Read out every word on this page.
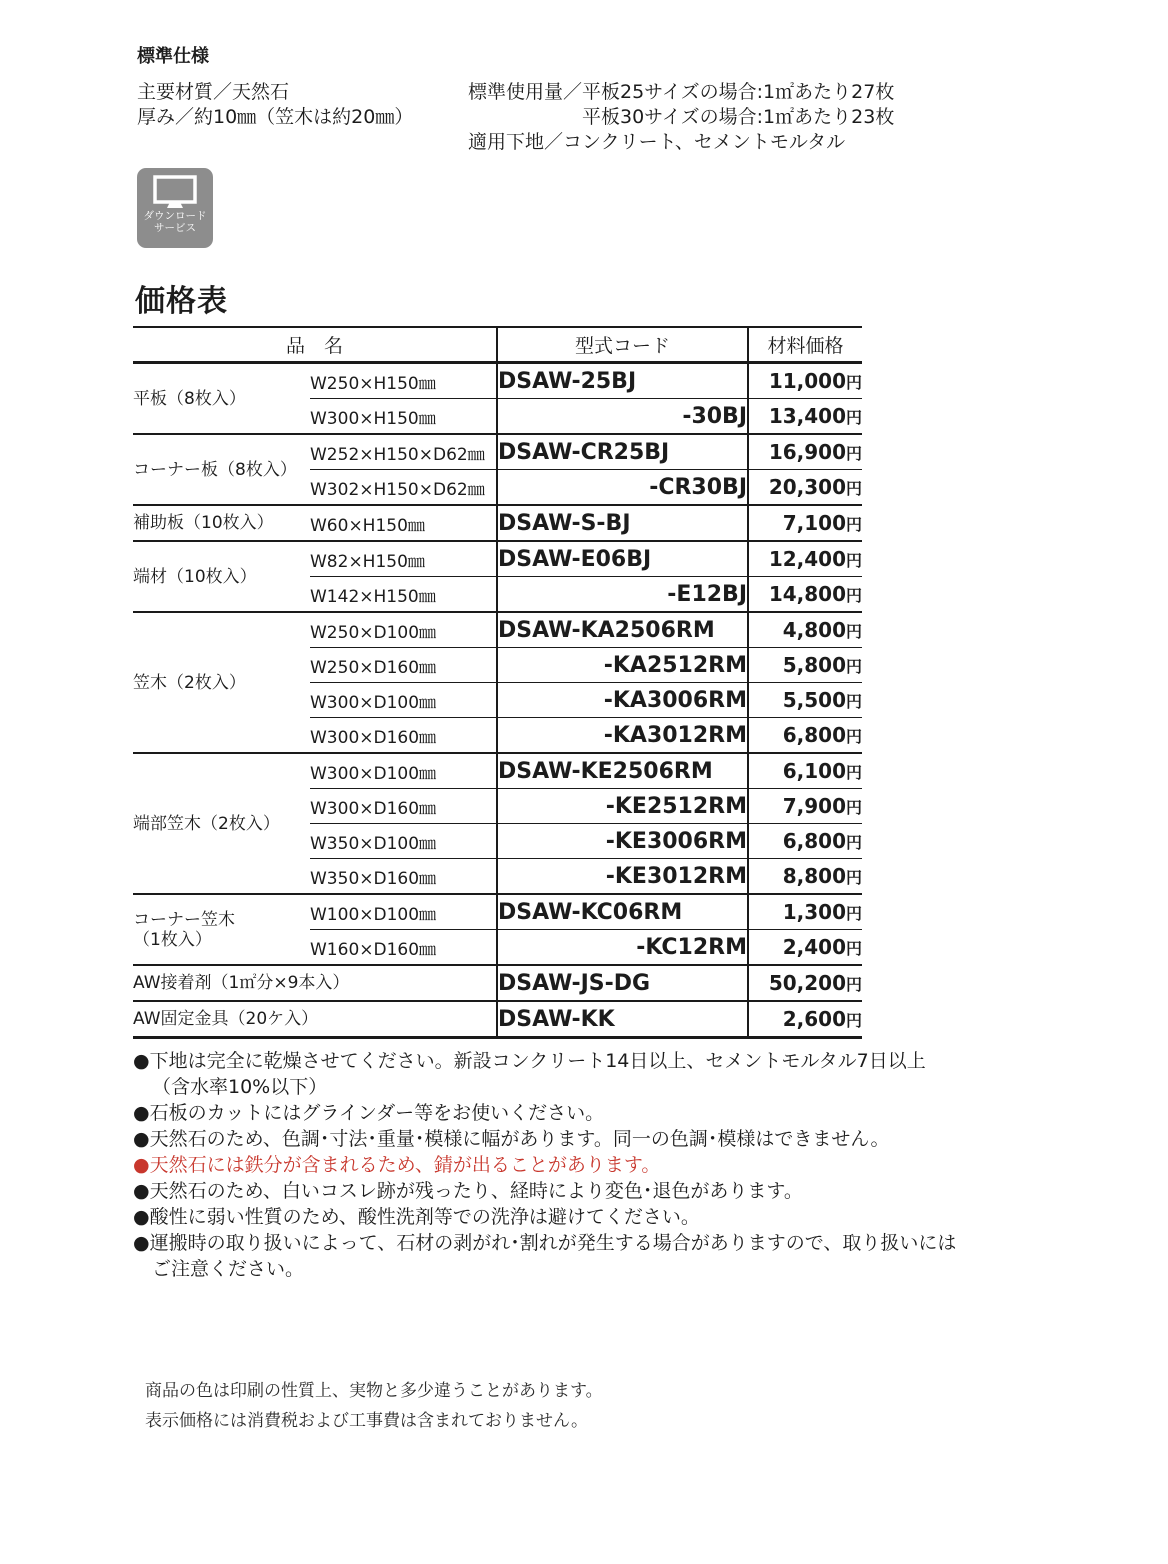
標準仕様
主要材質／天然石
厚み／約10㎜（笠木は約20㎜）
標準使用量／平板25サイズの場合:1㎡あたり27枚
平板30サイズの場合:1㎡あたり23枚
適用下地／コンクリート、セメントモルタル
ダウンロード
サービス
価格表
品　名		型式コード	材料価格
平板（8枚入）	W250×H150㎜	DSAW-25BJ	11,000円
	W300×H150㎜	-30BJ	13,400円
コーナー板（8枚入）	W252×H150×D62㎜	DSAW-CR25BJ	16,900円
	W302×H150×D62㎜	-CR30BJ	20,300円
補助板（10枚入）	W60×H150㎜	DSAW-S-BJ	7,100円
端材（10枚入）	W82×H150㎜	DSAW-E06BJ	12,400円
	W142×H150㎜	-E12BJ	14,800円
笠木（2枚入）	W250×D100㎜	DSAW-KA2506RM	4,800円
	W250×D160㎜	-KA2512RM	5,800円
	W300×D100㎜	-KA3006RM	5,500円
	W300×D160㎜	-KA3012RM	6,800円
端部笠木（2枚入）	W300×D100㎜	DSAW-KE2506RM	6,100円
	W300×D160㎜	-KE2512RM	7,900円
	W350×D100㎜	-KE3006RM	6,800円
	W350×D160㎜	-KE3012RM	8,800円

コーナー笠木
（1枚入）	W100×D100㎜	DSAW-KC06RM	1,300円
	W160×D160㎜	-KC12RM	2,400円
AW接着剤（1㎡分×9本入）		DSAW-JS-DG	50,200円
AW固定金具（20ケ入）		DSAW-KK	2,600円
●下地は完全に乾燥させてください。新設コンクリート14日以上、セメントモルタル7日以上
（含水率10%以下）
●石板のカットにはグラインダー等をお使いください。
●天然石のため、色調･寸法･重量･模様に幅があります。同一の色調･模様はできません。
●天然石には鉄分が含まれるため、錆が出ることがあります。
●天然石のため、白いコスレ跡が残ったり、経時により変色･退色があります。
●酸性に弱い性質のため、酸性洗剤等での洗浄は避けてください。
●運搬時の取り扱いによって、石材の剥がれ･割れが発生する場合がありますので、取り扱いには
ご注意ください。
商品の色は印刷の性質上、実物と多少違うことがあります。
表示価格には消費税および工事費は含まれておりません。
